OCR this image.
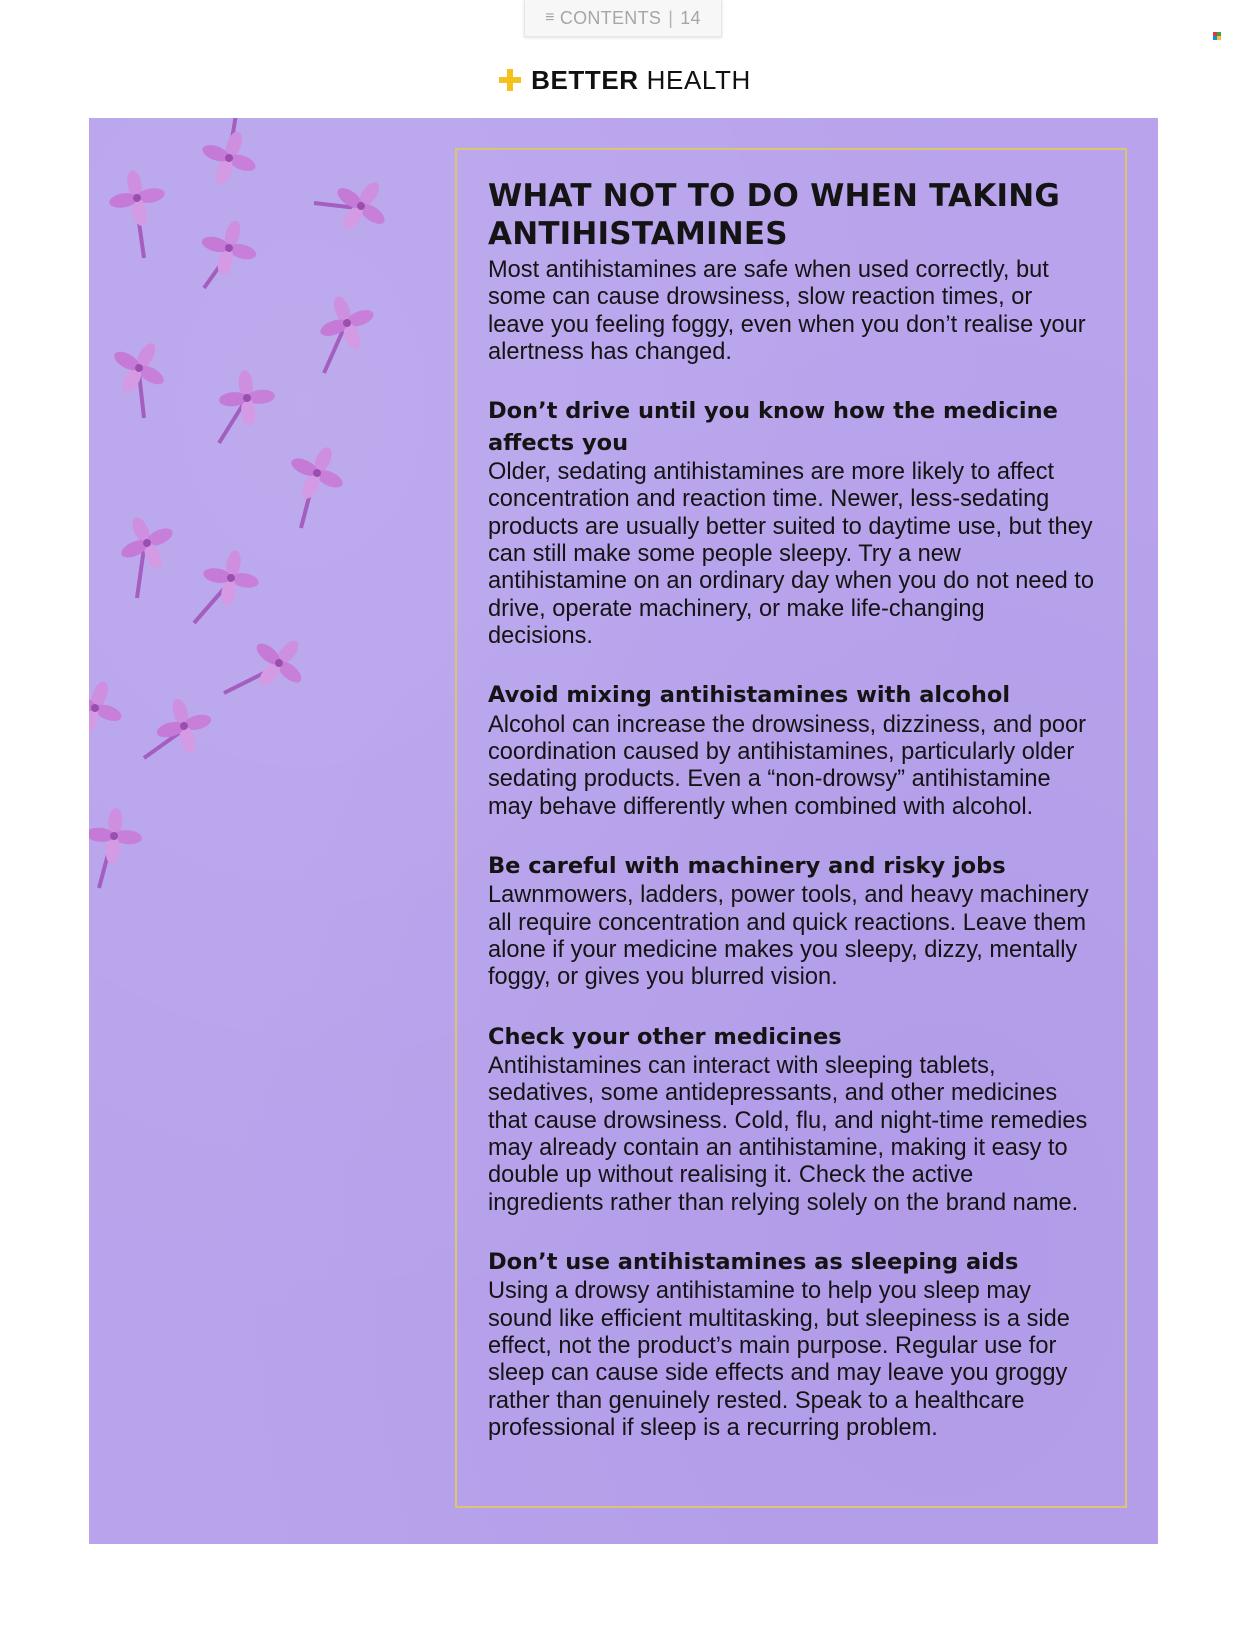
≡ CONTENTS | 14
BETTER HEALTH
WHAT NOT TO DO WHEN TAKING ANTIHISTAMINES

Most antihistamines are safe when used correctly, but some can cause drowsiness, slow reaction times, or leave you feeling foggy, even when you don’t realise your alertness has changed.

Don’t drive until you know how the medicine affects you

Older, sedating antihistamines are more likely to affect concentration and reaction time. Newer, less-sedating products are usually better suited to daytime use, but they can still make some people sleepy. Try a new antihistamine on an ordinary day when you do not need to drive, operate machinery, or make life-changing decisions.

Avoid mixing antihistamines with alcohol

Alcohol can increase the drowsiness, dizziness, and poor coordination caused by antihistamines, particularly older sedating products. Even a “non-drowsy” antihistamine may behave differently when combined with alcohol.

Be careful with machinery and risky jobs

Lawnmowers, ladders, power tools, and heavy machinery all require concentration and quick reactions. Leave them alone if your medicine makes you sleepy, dizzy, mentally foggy, or gives you blurred vision.

Check your other medicines

Antihistamines can interact with sleeping tablets, sedatives, some antidepressants, and other medicines that cause drowsiness. Cold, flu, and night-time remedies may already contain an antihistamine, making it easy to double up without realising it. Check the active ingredients rather than relying solely on the brand name.

Don’t use antihistamines as sleeping aids

Using a drowsy antihistamine to help you sleep may sound like efficient multitasking, but sleepiness is a side effect, not the product’s main purpose. Regular use for sleep can cause side effects and may leave you groggy rather than genuinely rested. Speak to a healthcare professional if sleep is a recurring problem.
